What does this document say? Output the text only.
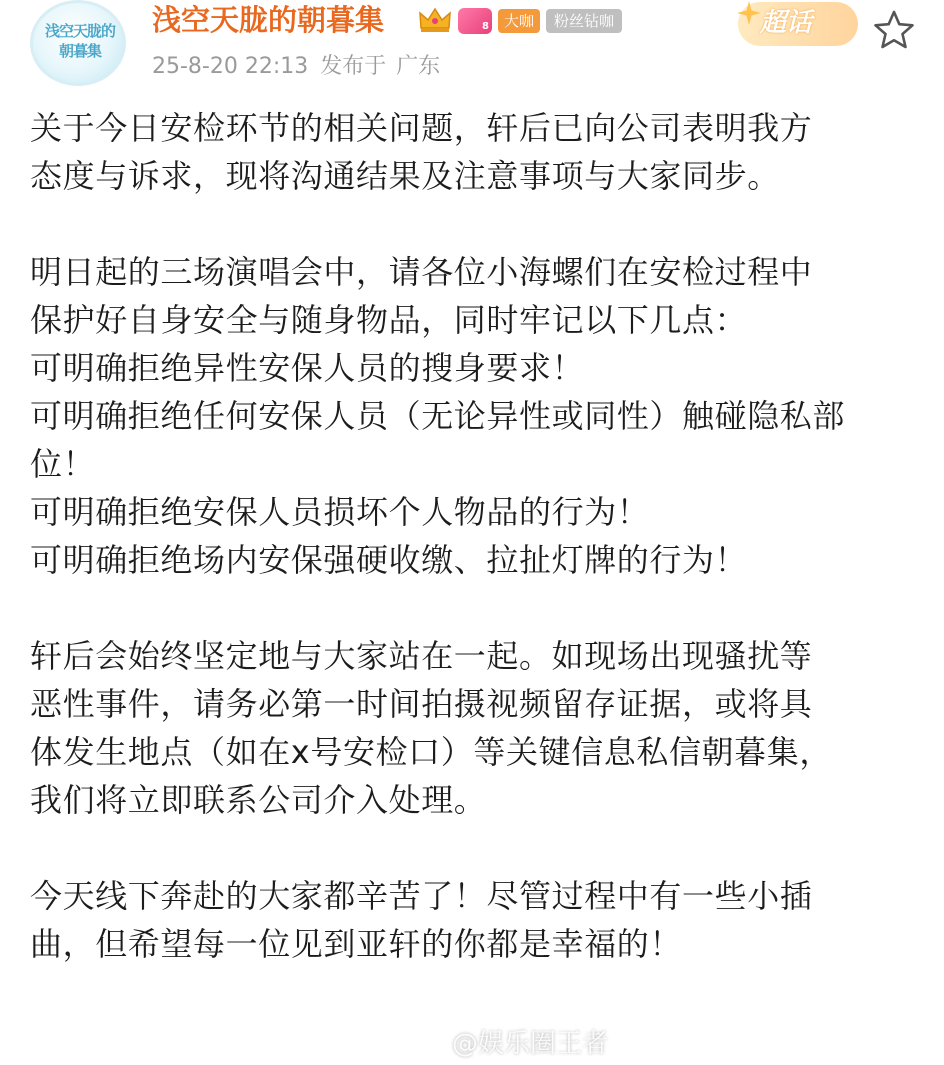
浅空天胧的朝暮集
浅空天胧的朝暮集	8	大咖	粉丝钻咖
25-8-20 22:13 发布于 广东
超话
关于今日安检环节的相关问题，轩后已向公司表明我方
态度与诉求，现将沟通结果及注意事项与大家同步。
明日起的三场演唱会中，请各位小海螺们在安检过程中
保护好自身安全与随身物品，同时牢记以下几点：
可明确拒绝异性安保人员的搜身要求！
可明确拒绝任何安保人员（无论异性或同性）触碰隐私部
位！
可明确拒绝安保人员损坏个人物品的行为！
可明确拒绝场内安保强硬收缴、拉扯灯牌的行为！
轩后会始终坚定地与大家站在一起。如现场出现骚扰等
恶性事件，请务必第一时间拍摄视频留存证据，或将具
体发生地点（如在x号安检口）等关键信息私信朝暮集，
我们将立即联系公司介入处理。
今天线下奔赴的大家都辛苦了！尽管过程中有一些小插
曲，但希望每一位见到亚轩的你都是幸福的！
@娱乐圈王者
